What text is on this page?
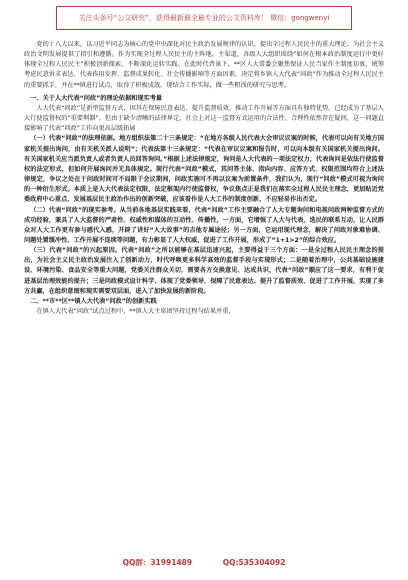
关注头条号“公文研究”，获得最新最全最专业的公文资料库！ 微信：gongwenyi

党的十八大以来，以习近平同志为核心的党中央深化对民主政治发展规律的认识，提出全过程人民民主的重大理论。为社会主义政治文明发展提供了指引和遵循。作为实现全过程人民民主的主阵地，主渠道，各级人大组织围绕“如何在根本政治制度运行中更好体现全过程人民民主”积极创新探索，不断深化运转实践。在此时代背景下，**区人大常委会聚焦保证人民当家作主制度初衷，统筹考虑民意诉求表达、代表作用发挥、监督成果转化、社会传播影响等方面因素，决定将乡镇人大代表“问政”作为推动全过程人民民主的重要抓手，并在**镇进行试点，取得了积极成效。现结合工作实际，做一些粗浅的研究与思考。

一、关于人大代表“问政”的理论依据和现实考量

人大代表“问政”是新型监督方式，因其在保障民意表达、提升监督质效、推动工作开展等方面具有独特优势，已经成为了基层人大行使监督权的“重要利器”。但由于缺少清晰的法律界定，社会上对这一监督方式运用的合法性、合理性依然存在疑问，这一问题直接影响了代表“问政”工作向更高层级拓展

（一）代表“问政”的法理依据。地方组织法第二十三条规定：“在地方各级人民代表大会审议议案的时候，代表可以向有关地方国家机关提出询问，由有关机关派人说明”；代表法第十三条规定：“代表在审议议案和报告时，可以向本级有关国家机关提出询问。有关国家机关应当派负责人或者负责人员回答询问。”根据上述法律规定，询问是人大代表的一项法定权力，代表询问是依法行使监督权的法定形式，但如何开展询问并无具体规定。现行代表“问政”模式，其问答主体、指向内容、应答方式、权限范围均符合上述法律规定，争议之处在于问政时间可不局限于会议期间，问政实施可不再以议案为前置条件，我们认为，现行“问政”模式可视为询问的一种衍生形式。本质上是人大代表法定权限，法定框架内行使监督权，争议焦点正是我们在落实全过程人民民主理念，更加贴近党委政府中心重点、发展基层民主政治作出的创新突破，应该看作是人大工作的制度创新，不应轻易作出否定。

（二）代表“问政”的现实参考。从当前各地基层实践来看，代表“问政”工作主要融合了人大专题询问和电视问政两种监督方式的成功经验，兼具了人大监督的严肃性、权威性和媒体的互动性、传播性，一方面，它增强了人大与代表、选民的联系互动，让人民群众对人大工作更有参与感代入感，开辟了讲好“人大故事”的吉他专属途径；另一方面，它运用现代理念，解决了问政对象难协调、问题处置缓冲性、工作开展不连续等问题，有力彰显了人大权威，促进了工作开展，形成了“1+1>2”的综合效应。

（三）代表“问政”的兴起原因。代表“问政”之所以能够在基层迅速兴起，主要得益于三个方面：一是全过程人民民主理念的提出，为社会主义民主政治发展注入了创新动力，时代呼唤更多科学高效的监督手段与实现形式；二是随着治理中，公共基础设施建设、环境污染、食品安全等重大问题，党委关注群众关切，需要各方交换意见、达成共识，代表“问政”顺应了这一要求，有利于促进基层治理效能的提升；三是问政模式设计科学、体现了党委领导、保障了民意表达、提升了监督质效、促进了工作开展，实现了多方共赢，在组织意图和现实需要双层面，进入了加快发展的新阶段。

二、**市**区**镇人大代表“问政”的创新实践

在镇人大代表“问政”试点过程中，**镇人大主席团坚持过程与结果并重，

QQ群：31991489	QQ:535304092
